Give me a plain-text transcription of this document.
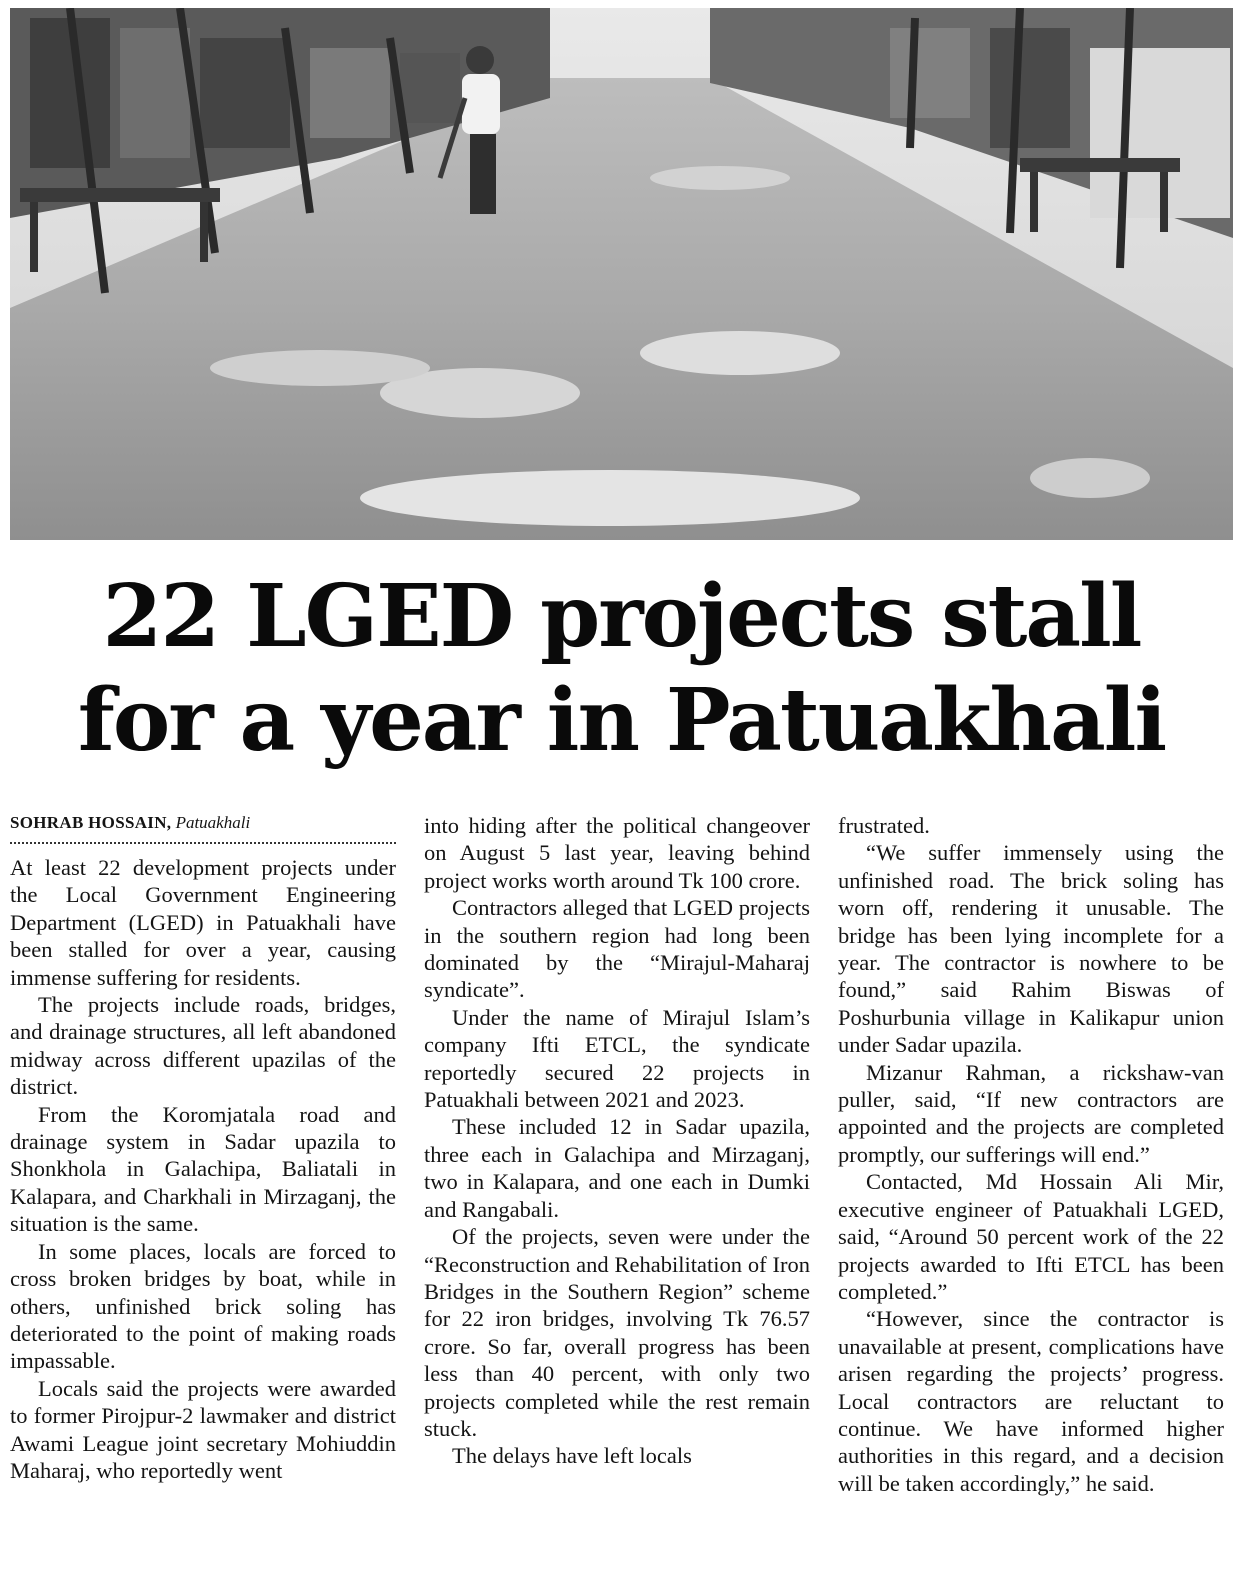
22 LGED projects stall
for a year in Patuakhali
SOHRAB HOSSAIN, Patuakhali

At least 22 development projects under the Local Government Engineering Department (LGED) in Patuakhali have been stalled for over a year, causing immense suffering for residents.

The projects include roads, bridges, and drainage structures, all left abandoned midway across different upazilas of the district.

From the Koromjatala road and drainage system in Sadar upazila to Shonkhola in Galachipa, Baliatali in Kalapara, and Charkhali in Mirzaganj, the situation is the same.

In some places, locals are forced to cross broken bridges by boat, while in others, unfinished brick soling has deteriorated to the point of making roads impassable.

Locals said the projects were awarded to former Pirojpur-2 lawmaker and district Awami League joint secretary Mohiuddin Maharaj, who reportedly went

into hiding after the political changeover on August 5 last year, leaving behind project works worth around Tk 100 crore.

Contractors alleged that LGED projects in the southern region had long been dominated by the “Mirajul-Maharaj syndicate”.

Under the name of Mirajul Islam’s company Ifti ETCL, the syndicate reportedly secured 22 projects in Patuakhali between 2021 and 2023.

These included 12 in Sadar upazila, three each in Galachipa and Mirzaganj, two in Kalapara, and one each in Dumki and Rangabali.

Of the projects, seven were under the “Reconstruction and Rehabilitation of Iron Bridges in the Southern Region” scheme for 22 iron bridges, involving Tk 76.57 crore. So far, overall progress has been less than 40 percent, with only two projects completed while the rest remain stuck.

The delays have left locals

frustrated.

“We suffer immensely using the unfinished road. The brick soling has worn off, rendering it unusable. The bridge has been lying incomplete for a year. The contractor is nowhere to be found,” said Rahim Biswas of Poshurbunia village in Kalikapur union under Sadar upazila.

Mizanur Rahman, a rickshaw-van puller, said, “If new contractors are appointed and the projects are completed promptly, our sufferings will end.”

Contacted, Md Hossain Ali Mir, executive engineer of Patuakhali LGED, said, “Around 50 percent work of the 22 projects awarded to Ifti ETCL has been completed.”

“However, since the contractor is unavailable at present, complications have arisen regarding the projects’ progress. Local contractors are reluctant to continue. We have informed higher authorities in this regard, and a decision will be taken accordingly,” he said.
